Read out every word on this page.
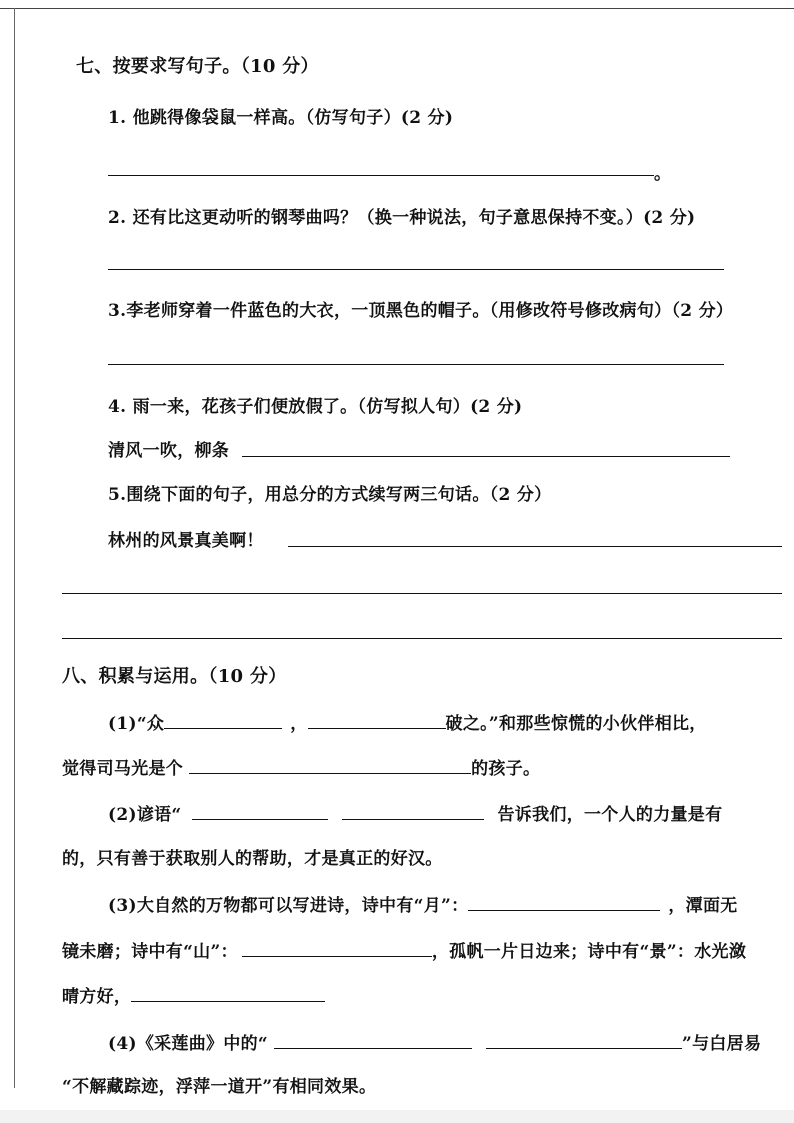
七、按要求写句子。（10 分）
1. 他跳得像袋鼠一样高。（仿写句子）(2 分)
。
2. 还有比这更动听的钢琴曲吗？（换一种说法，句子意思保持不变。）(2 分)
3.李老师穿着一件蓝色的大衣，一顶黑色的帽子。（用修改符号修改病句）（2 分）
4. 雨一来，花孩子们便放假了。（仿写拟人句）(2 分)
清风一吹，柳条
5.围绕下面的句子，用总分的方式续写两三句话。（2 分）
林州的风景真美啊！
八、积累与运用。（10 分）
(1)“众	，	破之。”和那些惊慌的小伙伴相比，
觉得司马光是个	的孩子。
(2)谚语“	告诉我们，一个人的力量是有
的，只有善于获取别人的帮助，才是真正的好汉。
(3)大自然的万物都可以写进诗，诗中有“月”：	，潭面无
镜未磨；诗中有“山”：	，孤帆一片日边来；诗中有“景”：水光潋
晴方好，
(4)《采莲曲》中的“	”与白居易
“不解藏踪迹，浮萍一道开”有相同效果。
